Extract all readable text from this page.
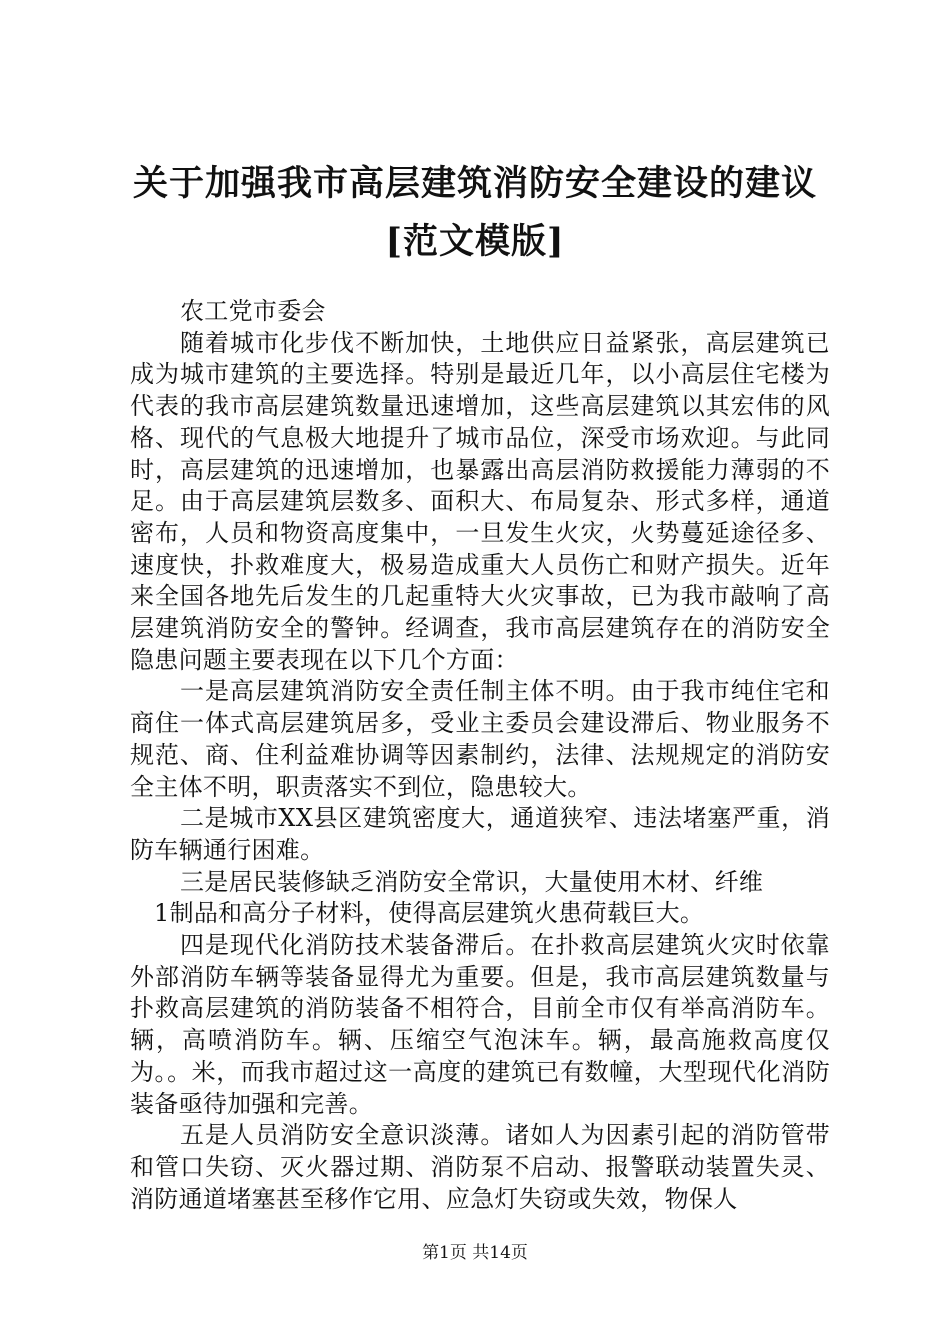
关于加强我市高层建筑消防安全建设的建议
[范文模版]

农工党市委会

随着城市化步伐不断加快，土地供应日益紧张，高层建筑已成为城市建筑的主要选择。特别是最近几年，以小高层住宅楼为代表的我市高层建筑数量迅速增加，这些高层建筑以其宏伟的风格、现代的气息极大地提升了城市品位，深受市场欢迎。与此同时，高层建筑的迅速增加，也暴露出高层消防救援能力薄弱的不足。由于高层建筑层数多、面积大、布局复杂、形式多样，通道密布，人员和物资高度集中，一旦发生火灾，火势蔓延途径多、速度快，扑救难度大，极易造成重大人员伤亡和财产损失。近年来全国各地先后发生的几起重特大火灾事故，已为我市敲响了高层建筑消防安全的警钟。经调查，我市高层建筑存在的消防安全隐患问题主要表现在以下几个方面：

一是高层建筑消防安全责任制主体不明。由于我市纯住宅和商住一体式高层建筑居多，受业主委员会建设滞后、物业服务不规范、商、住利益难协调等因素制约，法律、法规规定的消防安全主体不明，职责落实不到位，隐患较大。

二是城市XX县区建筑密度大，通道狭窄、违法堵塞严重，消防车辆通行困难。

三是居民装修缺乏消防安全常识，大量使用木材、纤维

1制品和高分子材料，使得高层建筑火患荷载巨大。

四是现代化消防技术装备滞后。在扑救高层建筑火灾时依靠外部消防车辆等装备显得尤为重要。但是，我市高层建筑数量与扑救高层建筑的消防装备不相符合，目前全市仅有举高消防车。辆，高喷消防车。辆、压缩空气泡沫车。辆，最高施救高度仅为。。米，而我市超过这一高度的建筑已有数幢，大型现代化消防装备亟待加强和完善。

五是人员消防安全意识淡薄。诸如人为因素引起的消防管带和管口失窃、灭火器过期、消防泵不启动、报警联动装置失灵、消防通道堵塞甚至移作它用、应急灯失窃或失效，物保人

第1页 共14页
